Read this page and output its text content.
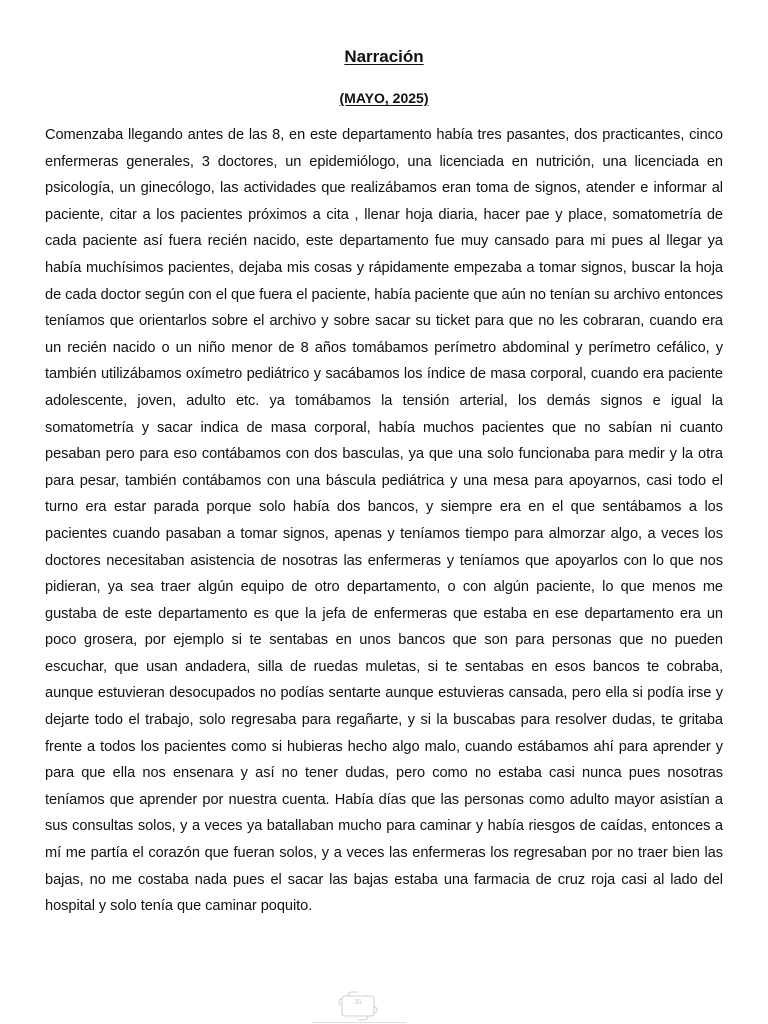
Narración
(MAYO, 2025)

Comenzaba llegando antes de las 8, en este departamento había tres pasantes, dos practicantes, cinco enfermeras generales, 3 doctores, un epidemiólogo, una licenciada en nutrición, una licenciada en psicología, un ginecólogo, las actividades que realizábamos eran toma de signos, atender e informar al paciente, citar a los pacientes próximos a cita , llenar hoja diaria, hacer pae y place, somatometría de cada paciente así fuera recién nacido, este departamento fue muy cansado para mi pues al llegar ya había muchísimos pacientes, dejaba mis cosas y rápidamente empezaba a tomar signos, buscar la hoja de cada doctor según con el que fuera el paciente, había paciente que aún no tenían su archivo entonces teníamos que orientarlos sobre el archivo y sobre sacar su ticket para que no les cobraran, cuando era un recién nacido o un niño menor de 8 años tomábamos perímetro abdominal y perímetro cefálico, y también utilizábamos oxímetro pediátrico y sacábamos los índice de masa corporal, cuando era paciente adolescente, joven, adulto etc. ya tomábamos la tensión arterial, los demás signos e igual la somatometría y sacar indica de masa corporal, había muchos pacientes que no sabían ni cuanto pesaban pero para eso contábamos con dos basculas, ya que una solo funcionaba para medir y la otra para pesar, también contábamos con una báscula pediátrica y una mesa para apoyarnos, casi todo el turno era estar parada porque solo había dos bancos, y siempre era en el que sentábamos a los pacientes cuando pasaban a tomar signos, apenas y teníamos tiempo para almorzar algo, a veces los doctores necesitaban asistencia de nosotras las enfermeras y teníamos que apoyarlos con lo que nos pidieran, ya sea traer algún equipo de otro departamento, o con algún paciente, lo que menos me gustaba de este departamento es que la jefa de enfermeras que estaba en ese departamento era un poco grosera, por ejemplo si te sentabas en unos bancos que son para personas que no pueden escuchar, que usan andadera, silla de ruedas muletas, si te sentabas en esos bancos te cobraba, aunque estuvieran desocupados no podías sentarte aunque estuvieras cansada, pero ella si podía irse y dejarte todo el trabajo, solo regresaba para regañarte, y si la buscabas para resolver dudas, te gritaba frente a todos los pacientes como si hubieras hecho algo malo, cuando estábamos ahí para aprender y para que ella nos ensenara y así no tener dudas, pero como no estaba casi nunca pues nosotras teníamos que aprender por nuestra cuenta. Había días que las personas como adulto mayor asistían a sus consultas solos, y a veces ya batallaban mucho para caminar y había riesgos de caídas, entonces a mí me partía el corazón que fueran solos, y a veces las enfermeras los regresaban por no traer bien las bajas, no me costaba nada pues el sacar las bajas estaba una farmacia de cruz roja casi al lado del hospital y solo tenía que caminar poquito.

35
